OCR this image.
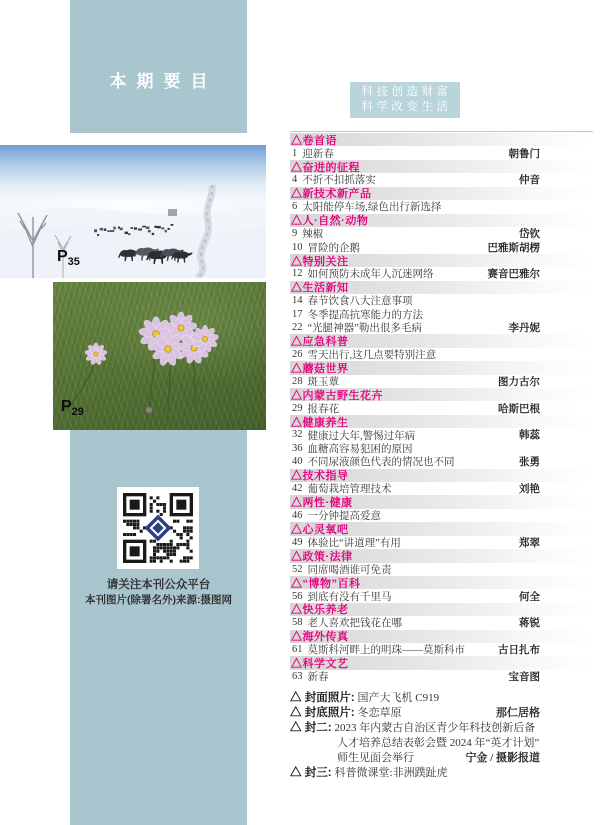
本期要目
$P_{35}$
$P_{29}$
请关注本刊公众平台
本刊图片(除署名外)来源:摄图网
科技创造财富
科学改变生活
△卷首语
1 迎新春	朝鲁门
△奋进的征程
4 不折不扣抓落实	仲音
△新技术新产品
6 太阳能停车场,绿色出行新选择
△人·自然·动物
9 辣椒	岱钦
10 冒险的企鹅	巴雅斯胡楞
△特别关注
12 如何预防未成年人沉迷网络	赛音巴雅尔
△生活新知
14 春节饮食八大注意事项
17 冬季提高抗寒能力的方法
22 “光腿神器”勒出很多毛病	李丹妮
△应急科普
26 雪天出行,这几点要特别注意
△蘑菇世界
28 斑玉蕈	图力古尔
△内蒙古野生花卉
29 报春花	哈斯巴根
△健康养生
32 健康过大年,警惕过年病	韩蕊
36 血糖高容易犯困的原因
40 不同尿液颜色代表的情况也不同	张勇
△技术指导
42 葡萄栽培管理技术	刘艳
△两性·健康
46 一分钟提高爱意
△心灵氧吧
49 体验比“讲道理”有用	郑翠
△政策·法律
52 同席喝酒谁可免责
△“博物”百科
56 到底有没有千里马	何全
△快乐养老
58 老人喜欢把钱花在哪	蒋锐
△海外传真
61 莫斯科河畔上的明珠——莫斯科市	古日扎布
△科学文艺
63 新春	宝音图
△ 封面照片: 国产大飞机 C919
△ 封底照片: 冬恋草原	那仁居格
△ 封二: 2023 年内蒙古自治区青少年科技创新后备
人才培养总结表彰会暨 2024 年“英才计划”
师生见面会举行	宁金 / 摄影报道
△ 封三: 科普微课堂:非洲蹼趾虎
